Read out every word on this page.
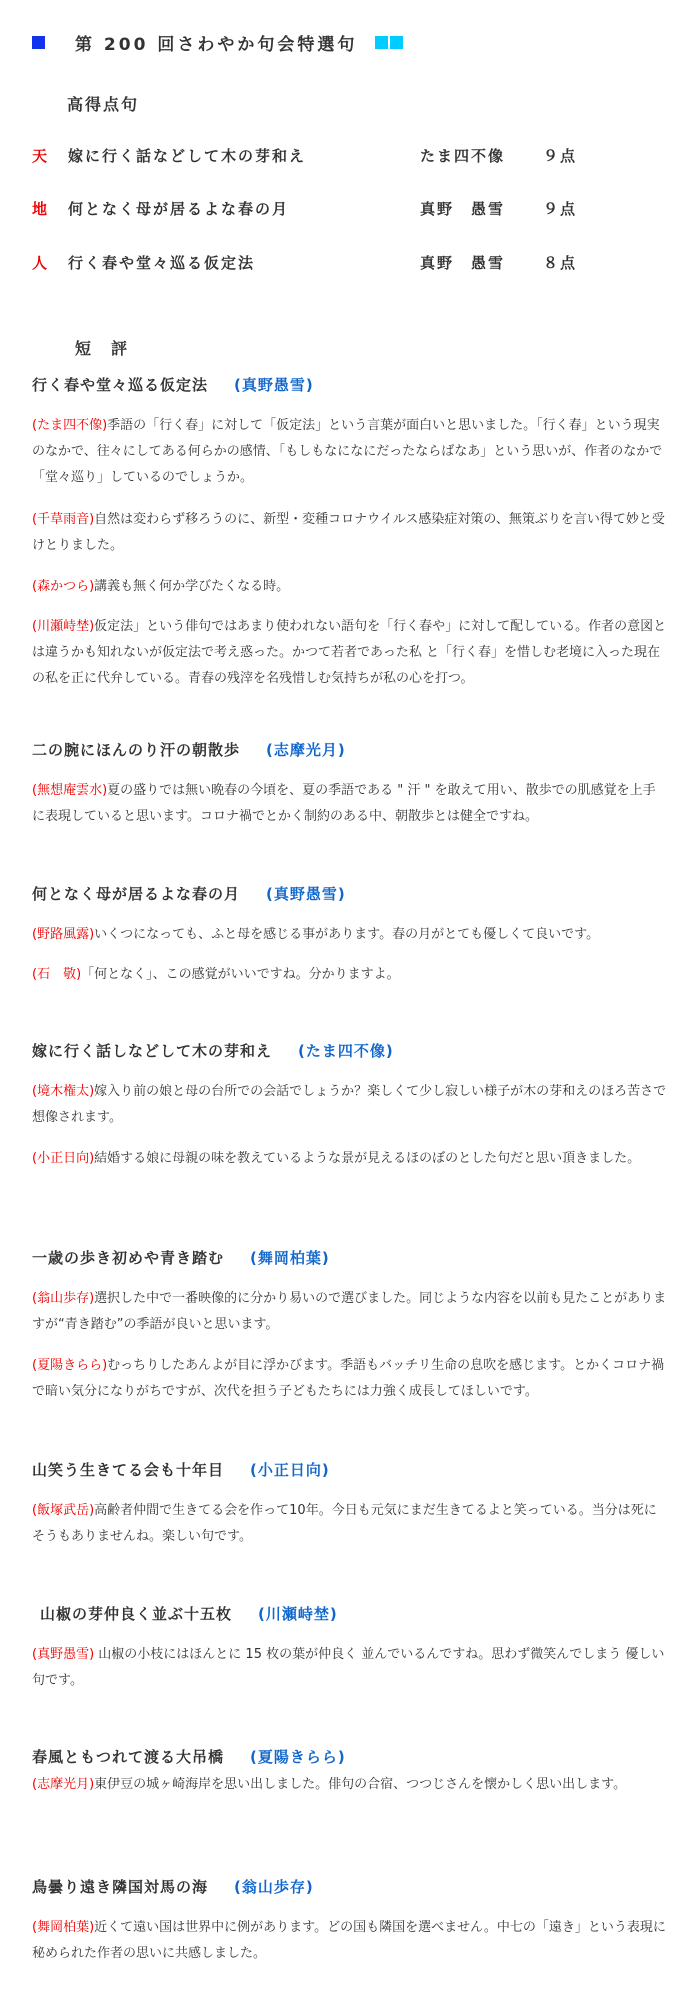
第 200 回さわやか句会特選句
高得点句
天 嫁に行く話などして木の芽和え	たま四不像	９点
地 何となく母が居るよな春の月	真野　愚雪	９点
人 行く春や堂々巡る仮定法	真野　愚雪	８点
短　評
行く春や堂々巡る仮定法 (真野愚雪)
(たま四不像)季語の「行く春」に対して「仮定法」という言葉が面白いと思いました。「行く春」という現実のなかで、往々にしてある何らかの感情、「もしもなになにだったならばなあ」という思いが、作者のなかで「堂々巡り」しているのでしょうか。
(千草雨音)自然は変わらず移ろうのに、新型・変種コロナウイルス感染症対策の、無策ぶりを言い得て妙と受けとりました。
(森かつら)講義も無く何か学びたくなる時。
(川瀬峙埜)仮定法」という俳句ではあまり使われない語句を「行く春や」に対して配している。作者の意図とは違うかも知れないが仮定法で考え惑った。かつて若者であった私 と「行く春」を惜しむ老境に入った現在の私を正に代弁している。青春の残滓を名残惜しむ気持ちが私の心を打つ。
二の腕にほんのり汗の朝散歩 (志摩光月)
(無想庵雲水)夏の盛りでは無い晩春の今頃を、夏の季語である " 汗 " を敢えて用い、散歩での肌感覚を上手に表現していると思います。コロナ禍でとかく制約のある中、朝散歩とは健全ですね。
何となく母が居るよな春の月 (真野愚雪)
(野路風露)いくつになっても、ふと母を感じる事があります。春の月がとても優しくて良いです。
(石　敬)「何となく」、この感覚がいいですね。分かりますよ。
嫁に行く話しなどして木の芽和え (たま四不像)
(境木権太)嫁入り前の娘と母の台所での会話でしょうか？楽しくて少し寂しい様子が木の芽和えのほろ苦さで想像されます。
(小正日向)結婚する娘に母親の味を教えているような景が見えるほのぼのとした句だと思い頂きました。
一歳の歩き初めや青き踏む (舞岡柏葉)
(翁山歩存)選択した中で一番映像的に分かり易いので選びました。同じような内容を以前も見たことがありますが“青き踏む”の季語が良いと思います。
(夏陽きらら)むっちりしたあんよが目に浮かびます。季語もバッチリ生命の息吹を感じます。とかくコロナ禍で暗い気分になりがちですが、次代を担う子どもたちには力強く成長してほしいです。
山笑う生きてる会も十年目 (小正日向)
(飯塚武岳)高齢者仲間で生きてる会を作って10年。今日も元気にまだ生きてるよと笑っている。当分は死にそうもありませんね。楽しい句です。
山椒の芽仲良く並ぶ十五枚 (川瀬峙埜)
(真野愚雪) 山椒の小枝にはほんとに 15 枚の葉が仲良く 並んでいるんですね。思わず微笑んでしまう 優しい句です。
春風ともつれて渡る大吊橋 (夏陽きらら)
(志摩光月)東伊豆の城ヶ崎海岸を思い出しました。俳句の合宿、つつじさんを懐かしく思い出します。
鳥曇り遠き隣国対馬の海 (翁山歩存)
(舞岡柏葉)近くて遠い国は世界中に例があります。どの国も隣国を選べません。中七の「遠き」という表現に秘められた作者の思いに共感しました。
